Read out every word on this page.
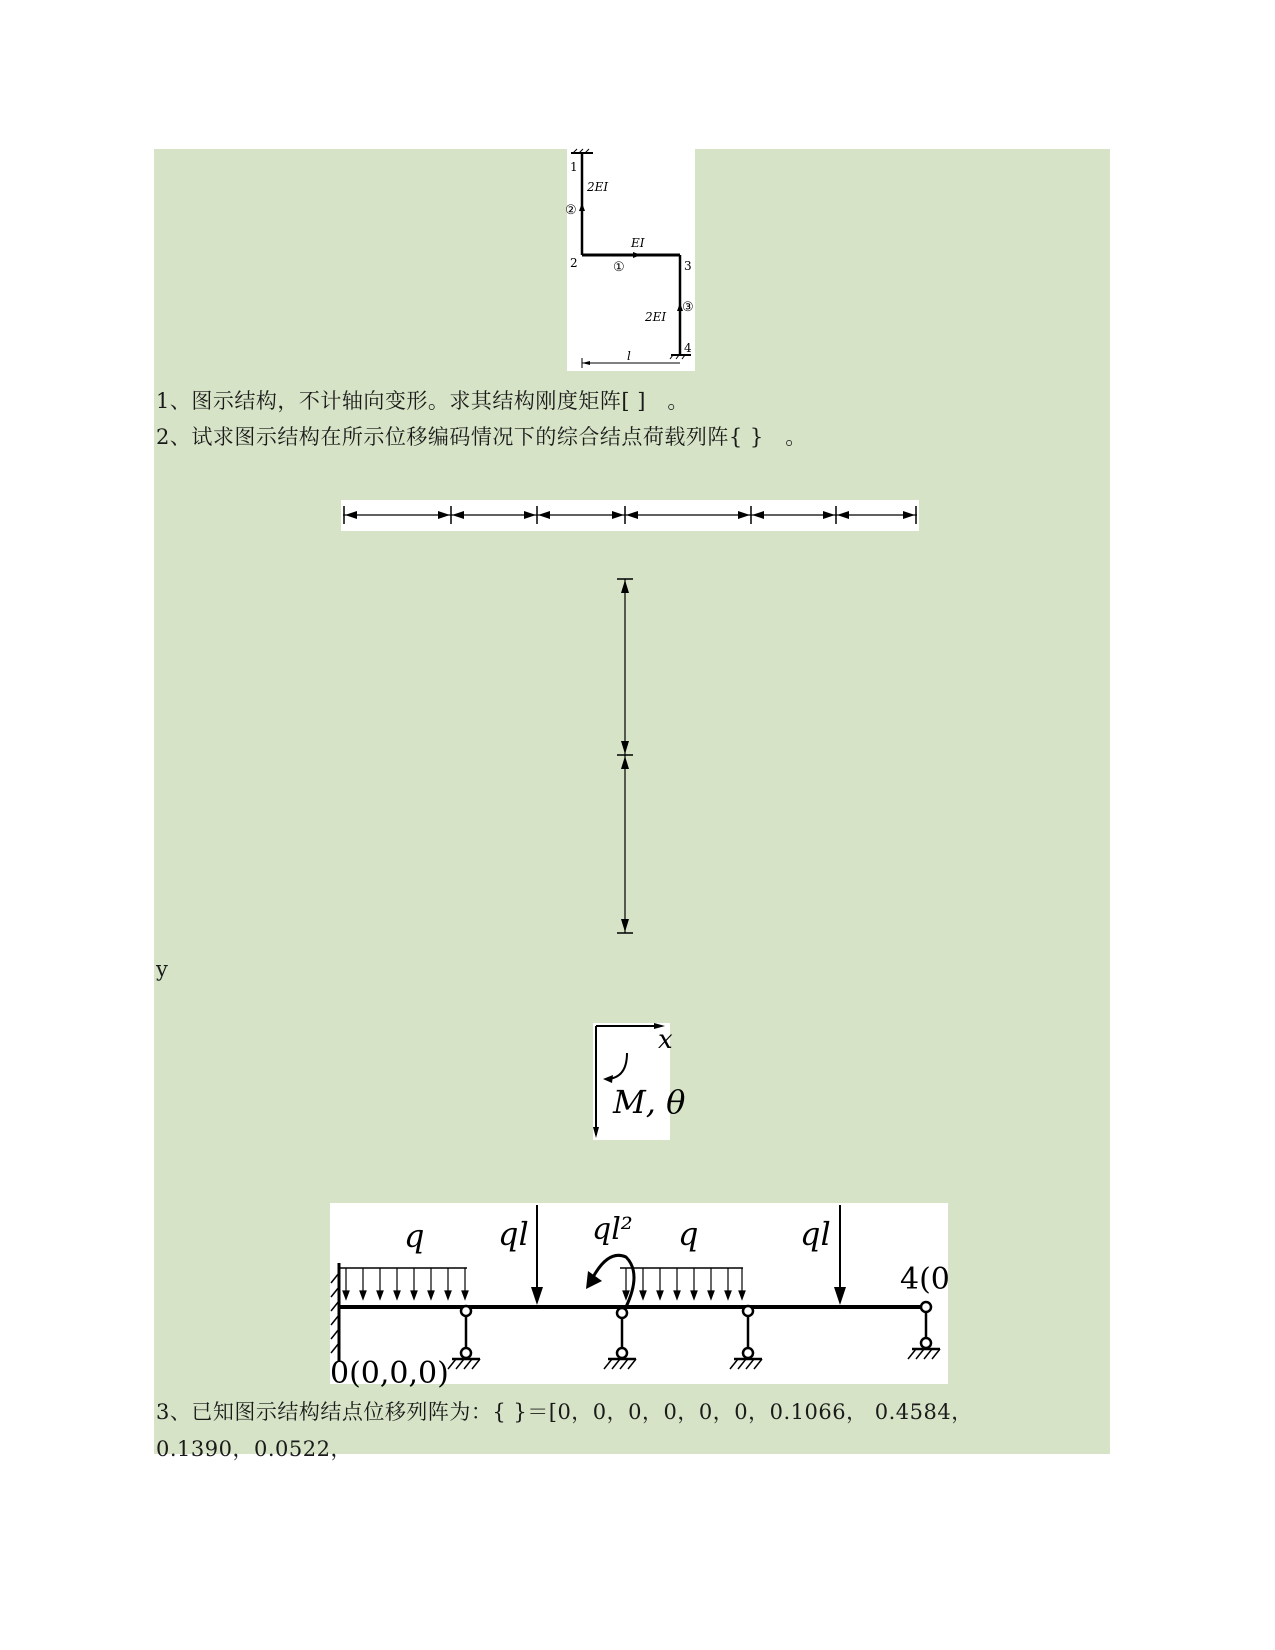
1
2EI
②
2
EI
①	3
2EI
③
4
l
1、图示结构，不计轴向变形。求其结构刚度矩阵[ ]　。
2、试求图示结构在所示位移编码情况下的综合结点荷载列阵{ }　。
y
x
M, θ
q ql ql² q	ql
0(0,0,0)
4(0
3、已知图示结构结点位移列阵为：{ }＝[0，0，0，0，0，0，0.1066， 0.4584，
0.1390，0.0522，
